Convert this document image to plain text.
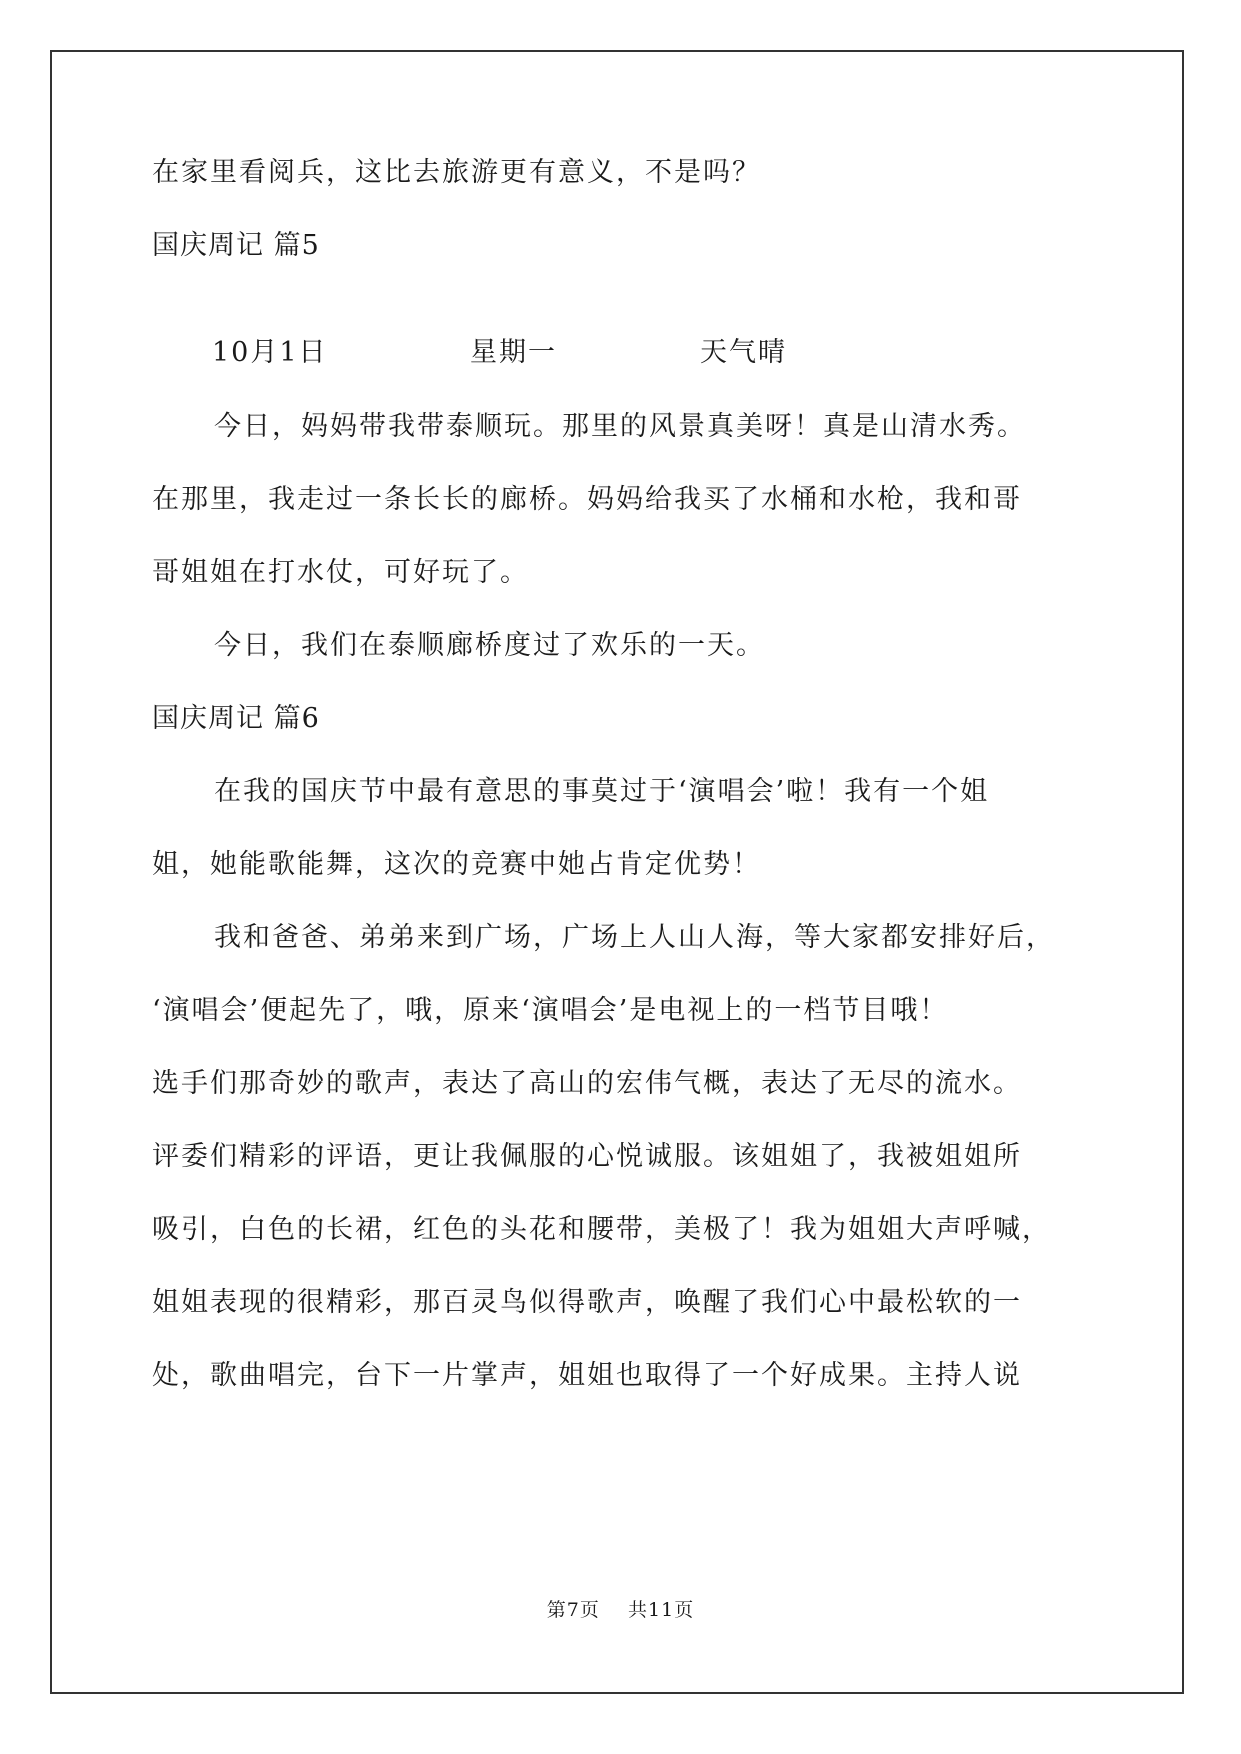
在家里看阅兵，这比去旅游更有意义，不是吗？
国庆周记 篇5
10月1日	星期一	天气晴
今日，妈妈带我带泰顺玩。那里的风景真美呀！真是山清水秀。
在那里，我走过一条长长的廊桥。妈妈给我买了水桶和水枪，我和哥
哥姐姐在打水仗，可好玩了。
今日，我们在泰顺廊桥度过了欢乐的一天。
国庆周记 篇6
在我的国庆节中最有意思的事莫过于‘演唱会’啦！我有一个姐
姐，她能歌能舞，这次的竞赛中她占肯定优势！
我和爸爸、弟弟来到广场，广场上人山人海，等大家都安排好后，
‘演唱会’便起先了，哦，原来‘演唱会’是电视上的一档节目哦！
选手们那奇妙的歌声，表达了高山的宏伟气概，表达了无尽的流水。
评委们精彩的评语，更让我佩服的心悦诚服。该姐姐了，我被姐姐所
吸引，白色的长裙，红色的头花和腰带，美极了！我为姐姐大声呼喊，
姐姐表现的很精彩，那百灵鸟似得歌声，唤醒了我们心中最松软的一
处，歌曲唱完，台下一片掌声，姐姐也取得了一个好成果。主持人说
第7页 共11页
